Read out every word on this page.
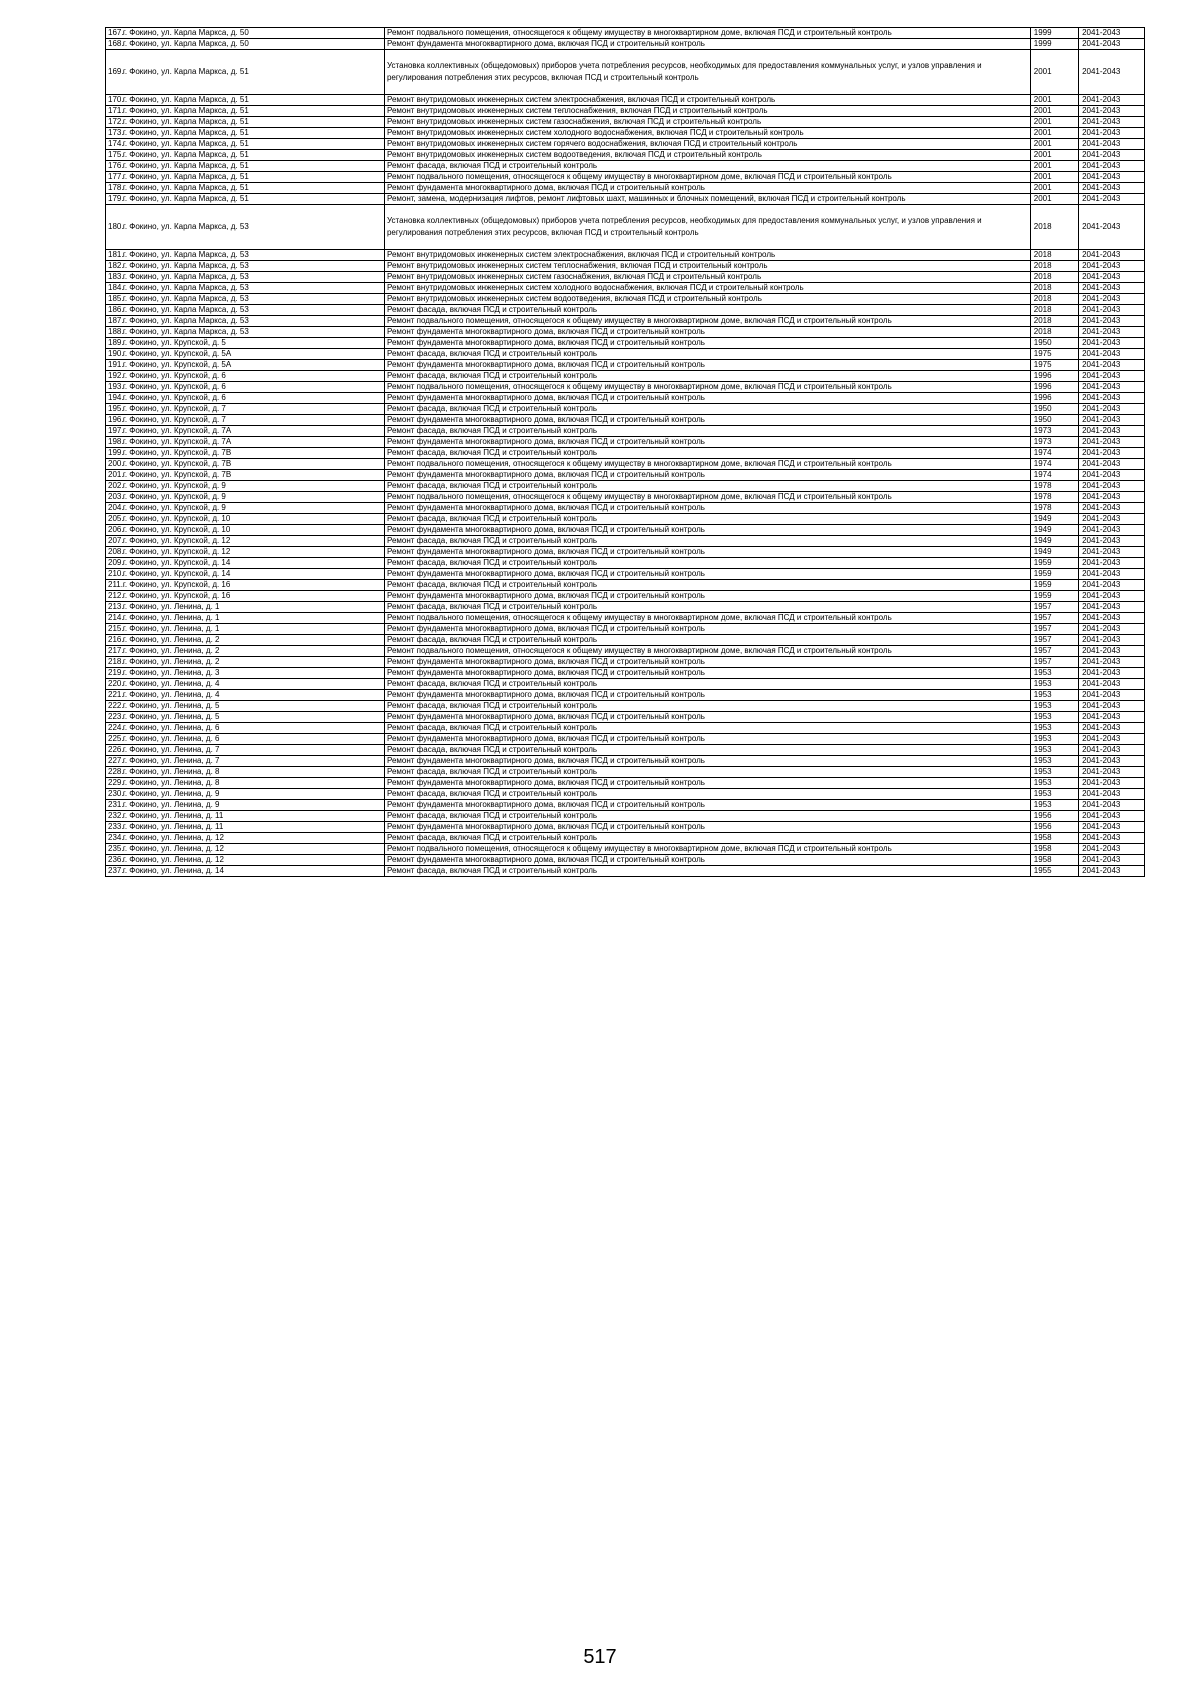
167.	г. Фокино, ул. Карла Маркса, д. 50	Ремонт подвального помещения, относящегося к общему имуществу в многоквартирном доме, включая ПСД и строительный контроль	1999	2041-2043
168.	г. Фокино, ул. Карла Маркса, д. 50	Ремонт фундамента многоквартирного дома, включая ПСД и строительный контроль	1999	2041-2043
169.	г. Фокино, ул. Карла Маркса, д. 51	Установка коллективных (общедомовых) приборов учета потребления ресурсов, необходимых для предоставления коммунальных услуг, и узлов управления и регулирования потребления этих ресурсов, включая ПСД и строительный контроль	2001	2041-2043
170.	г. Фокино, ул. Карла Маркса, д. 51	Ремонт внутридомовых инженерных систем электроснабжения, включая ПСД и строительный контроль	2001	2041-2043
171.	г. Фокино, ул. Карла Маркса, д. 51	Ремонт внутридомовых инженерных систем теплоснабжения, включая ПСД и строительный контроль	2001	2041-2043
172.	г. Фокино, ул. Карла Маркса, д. 51	Ремонт внутридомовых инженерных систем газоснабжения, включая ПСД и строительный контроль	2001	2041-2043
173.	г. Фокино, ул. Карла Маркса, д. 51	Ремонт внутридомовых инженерных систем холодного водоснабжения, включая ПСД и строительный контроль	2001	2041-2043
174.	г. Фокино, ул. Карла Маркса, д. 51	Ремонт внутридомовых инженерных систем горячего водоснабжения, включая ПСД и строительный контроль	2001	2041-2043
175.	г. Фокино, ул. Карла Маркса, д. 51	Ремонт внутридомовых инженерных систем водоотведения, включая ПСД и строительный контроль	2001	2041-2043
176.	г. Фокино, ул. Карла Маркса, д. 51	Ремонт фасада, включая ПСД и строительный контроль	2001	2041-2043
177.	г. Фокино, ул. Карла Маркса, д. 51	Ремонт подвального помещения, относящегося к общему имуществу в многоквартирном доме, включая ПСД и строительный контроль	2001	2041-2043
178.	г. Фокино, ул. Карла Маркса, д. 51	Ремонт фундамента многоквартирного дома, включая ПСД и строительный контроль	2001	2041-2043
179.	г. Фокино, ул. Карла Маркса, д. 51	Ремонт, замена, модернизация лифтов, ремонт лифтовых шахт, машинных и блочных помещений, включая ПСД и строительный контроль	2001	2041-2043
180.	г. Фокино, ул. Карла Маркса, д. 53	Установка коллективных (общедомовых) приборов учета потребления ресурсов, необходимых для предоставления коммунальных услуг, и узлов управления и регулирования потребления этих ресурсов, включая ПСД и строительный контроль	2018	2041-2043
181.	г. Фокино, ул. Карла Маркса, д. 53	Ремонт внутридомовых инженерных систем электроснабжения, включая ПСД и строительный контроль	2018	2041-2043
182.	г. Фокино, ул. Карла Маркса, д. 53	Ремонт внутридомовых инженерных систем теплоснабжения, включая ПСД и строительный контроль	2018	2041-2043
183.	г. Фокино, ул. Карла Маркса, д. 53	Ремонт внутридомовых инженерных систем газоснабжения, включая ПСД и строительный контроль	2018	2041-2043
184.	г. Фокино, ул. Карла Маркса, д. 53	Ремонт внутридомовых инженерных систем холодного водоснабжения, включая ПСД и строительный контроль	2018	2041-2043
185.	г. Фокино, ул. Карла Маркса, д. 53	Ремонт внутридомовых инженерных систем водоотведения, включая ПСД и строительный контроль	2018	2041-2043
186.	г. Фокино, ул. Карла Маркса, д. 53	Ремонт фасада, включая ПСД и строительный контроль	2018	2041-2043
187.	г. Фокино, ул. Карла Маркса, д. 53	Ремонт подвального помещения, относящегося к общему имуществу в многоквартирном доме, включая ПСД и строительный контроль	2018	2041-2043
188.	г. Фокино, ул. Карла Маркса, д. 53	Ремонт фундамента многоквартирного дома, включая ПСД и строительный контроль	2018	2041-2043
189.	г. Фокино, ул. Крупской, д. 5	Ремонт фундамента многоквартирного дома, включая ПСД и строительный контроль	1950	2041-2043
190.	г. Фокино, ул. Крупской, д. 5А	Ремонт фасада, включая ПСД и строительный контроль	1975	2041-2043
191.	г. Фокино, ул. Крупской, д. 5А	Ремонт фундамента многоквартирного дома, включая ПСД и строительный контроль	1975	2041-2043
192.	г. Фокино, ул. Крупской, д. 6	Ремонт фасада, включая ПСД и строительный контроль	1996	2041-2043
193.	г. Фокино, ул. Крупской, д. 6	Ремонт подвального помещения, относящегося к общему имуществу в многоквартирном доме, включая ПСД и строительный контроль	1996	2041-2043
194.	г. Фокино, ул. Крупской, д. 6	Ремонт фундамента многоквартирного дома, включая ПСД и строительный контроль	1996	2041-2043
195.	г. Фокино, ул. Крупской, д. 7	Ремонт фасада, включая ПСД и строительный контроль	1950	2041-2043
196.	г. Фокино, ул. Крупской, д. 7	Ремонт фундамента многоквартирного дома, включая ПСД и строительный контроль	1950	2041-2043
197.	г. Фокино, ул. Крупской, д. 7А	Ремонт фасада, включая ПСД и строительный контроль	1973	2041-2043
198.	г. Фокино, ул. Крупской, д. 7А	Ремонт фундамента многоквартирного дома, включая ПСД и строительный контроль	1973	2041-2043
199.	г. Фокино, ул. Крупской, д. 7В	Ремонт фасада, включая ПСД и строительный контроль	1974	2041-2043
200.	г. Фокино, ул. Крупской, д. 7В	Ремонт подвального помещения, относящегося к общему имуществу в многоквартирном доме, включая ПСД и строительный контроль	1974	2041-2043
201.	г. Фокино, ул. Крупской, д. 7В	Ремонт фундамента многоквартирного дома, включая ПСД и строительный контроль	1974	2041-2043
202.	г. Фокино, ул. Крупской, д. 9	Ремонт фасада, включая ПСД и строительный контроль	1978	2041-2043
203.	г. Фокино, ул. Крупской, д. 9	Ремонт подвального помещения, относящегося к общему имуществу в многоквартирном доме, включая ПСД и строительный контроль	1978	2041-2043
204.	г. Фокино, ул. Крупской, д. 9	Ремонт фундамента многоквартирного дома, включая ПСД и строительный контроль	1978	2041-2043
205.	г. Фокино, ул. Крупской, д. 10	Ремонт фасада, включая ПСД и строительный контроль	1949	2041-2043
206.	г. Фокино, ул. Крупской, д. 10	Ремонт фундамента многоквартирного дома, включая ПСД и строительный контроль	1949	2041-2043
207.	г. Фокино, ул. Крупской, д. 12	Ремонт фасада, включая ПСД и строительный контроль	1949	2041-2043
208.	г. Фокино, ул. Крупской, д. 12	Ремонт фундамента многоквартирного дома, включая ПСД и строительный контроль	1949	2041-2043
209.	г. Фокино, ул. Крупской, д. 14	Ремонт фасада, включая ПСД и строительный контроль	1959	2041-2043
210.	г. Фокино, ул. Крупской, д. 14	Ремонт фундамента многоквартирного дома, включая ПСД и строительный контроль	1959	2041-2043
211.	г. Фокино, ул. Крупской, д. 16	Ремонт фасада, включая ПСД и строительный контроль	1959	2041-2043
212.	г. Фокино, ул. Крупской, д. 16	Ремонт фундамента многоквартирного дома, включая ПСД и строительный контроль	1959	2041-2043
213.	г. Фокино, ул. Ленина, д. 1	Ремонт фасада, включая ПСД и строительный контроль	1957	2041-2043
214.	г. Фокино, ул. Ленина, д. 1	Ремонт подвального помещения, относящегося к общему имуществу в многоквартирном доме, включая ПСД и строительный контроль	1957	2041-2043
215.	г. Фокино, ул. Ленина, д. 1	Ремонт фундамента многоквартирного дома, включая ПСД и строительный контроль	1957	2041-2043
216.	г. Фокино, ул. Ленина, д. 2	Ремонт фасада, включая ПСД и строительный контроль	1957	2041-2043
217.	г. Фокино, ул. Ленина, д. 2	Ремонт подвального помещения, относящегося к общему имуществу в многоквартирном доме, включая ПСД и строительный контроль	1957	2041-2043
218.	г. Фокино, ул. Ленина, д. 2	Ремонт фундамента многоквартирного дома, включая ПСД и строительный контроль	1957	2041-2043
219.	г. Фокино, ул. Ленина, д. 3	Ремонт фундамента многоквартирного дома, включая ПСД и строительный контроль	1953	2041-2043
220.	г. Фокино, ул. Ленина, д. 4	Ремонт фасада, включая ПСД и строительный контроль	1953	2041-2043
221.	г. Фокино, ул. Ленина, д. 4	Ремонт фундамента многоквартирного дома, включая ПСД и строительный контроль	1953	2041-2043
222.	г. Фокино, ул. Ленина, д. 5	Ремонт фасада, включая ПСД и строительный контроль	1953	2041-2043
223.	г. Фокино, ул. Ленина, д. 5	Ремонт фундамента многоквартирного дома, включая ПСД и строительный контроль	1953	2041-2043
224.	г. Фокино, ул. Ленина, д. 6	Ремонт фасада, включая ПСД и строительный контроль	1953	2041-2043
225.	г. Фокино, ул. Ленина, д. 6	Ремонт фундамента многоквартирного дома, включая ПСД и строительный контроль	1953	2041-2043
226.	г. Фокино, ул. Ленина, д. 7	Ремонт фасада, включая ПСД и строительный контроль	1953	2041-2043
227.	г. Фокино, ул. Ленина, д. 7	Ремонт фундамента многоквартирного дома, включая ПСД и строительный контроль	1953	2041-2043
228.	г. Фокино, ул. Ленина, д. 8	Ремонт фасада, включая ПСД и строительный контроль	1953	2041-2043
229.	г. Фокино, ул. Ленина, д. 8	Ремонт фундамента многоквартирного дома, включая ПСД и строительный контроль	1953	2041-2043
230.	г. Фокино, ул. Ленина, д. 9	Ремонт фасада, включая ПСД и строительный контроль	1953	2041-2043
231.	г. Фокино, ул. Ленина, д. 9	Ремонт фундамента многоквартирного дома, включая ПСД и строительный контроль	1953	2041-2043
232.	г. Фокино, ул. Ленина, д. 11	Ремонт фасада, включая ПСД и строительный контроль	1956	2041-2043
233.	г. Фокино, ул. Ленина, д. 11	Ремонт фундамента многоквартирного дома, включая ПСД и строительный контроль	1956	2041-2043
234.	г. Фокино, ул. Ленина, д. 12	Ремонт фасада, включая ПСД и строительный контроль	1958	2041-2043
235.	г. Фокино, ул. Ленина, д. 12	Ремонт подвального помещения, относящегося к общему имуществу в многоквартирном доме, включая ПСД и строительный контроль	1958	2041-2043
236.	г. Фокино, ул. Ленина, д. 12	Ремонт фундамента многоквартирного дома, включая ПСД и строительный контроль	1958	2041-2043
237.	г. Фокино, ул. Ленина, д. 14	Ремонт фасада, включая ПСД и строительный контроль	1955	2041-2043
517
